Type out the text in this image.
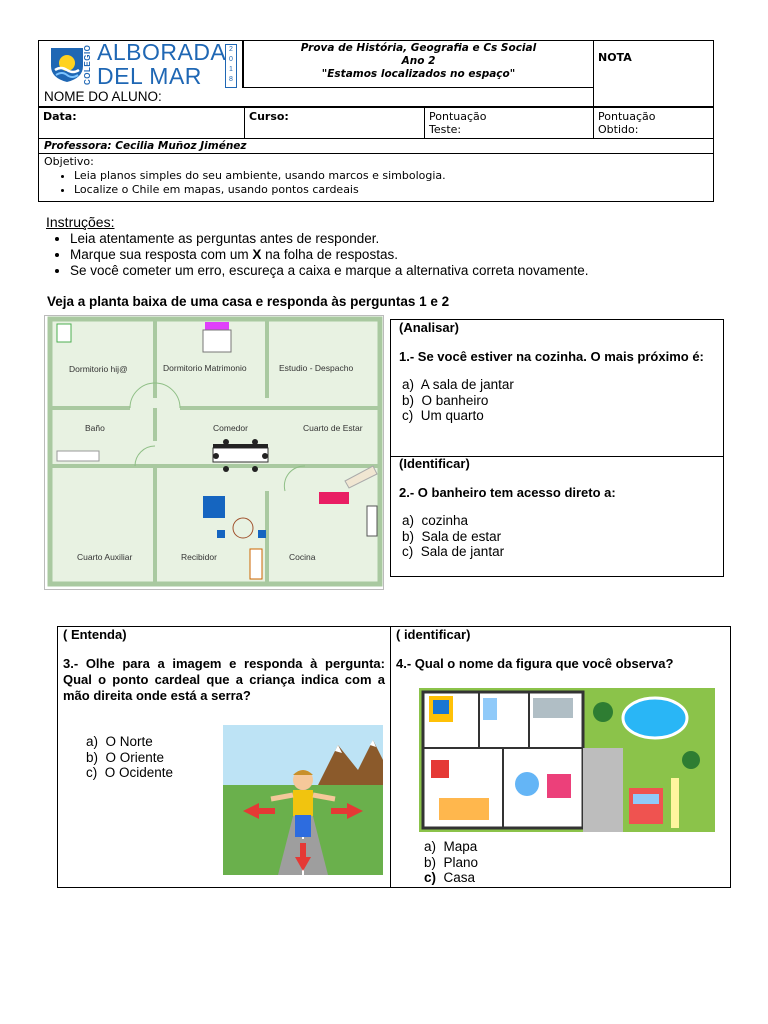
COLEGIO ALBORADA
DEL MAR
2
0
1
8
Prova de História, Geografia e Cs Social
Ano 2
"Estamos localizados no espaço"
NOTA
NOME DO ALUNO:
Data:	Curso:	Pontuação
Teste:
Pontuação
Obtido:
Professora: Cecilia Muñoz Jiménez
Objetivo:
• Leia planos simples do seu ambiente, usando marcos e simbologia.
• Localize o Chile em mapas, usando pontos cardeais
Instruções:
• Leia atentamente as perguntas antes de responder.
• Marque sua resposta com um X na folha de respostas.
• Se você cometer um erro, escureça a caixa e marque a alternativa correta novamente.
Veja a planta baixa de uma casa e responda às perguntas 1 e 2
Dormitorio hij@	Dormitorio Matrimonio	Estudio - Despacho
Baño	Comedor	Cuarto de Estar
Cuarto Auxiliar	Recibidor	Cocina
(Analisar)
1.- Se você estiver na cozinha. O mais próximo é:
a) A sala de jantar
b) O banheiro
c) Um quarto
(Identificar)
2.- O banheiro tem acesso direto a:
a) cozinha
b) Sala de estar
c) Sala de jantar
( Entenda)
3.- Olhe para a imagem e responda à pergunta: Qual o ponto cardeal que a criança indica com a mão direita onde está a serra?
a) O Norte
b) O Oriente
c) O Ocidente
( identificar)
4.- Qual o nome da figura que você observa?
a) Mapa
b) Plano
c) Casa
